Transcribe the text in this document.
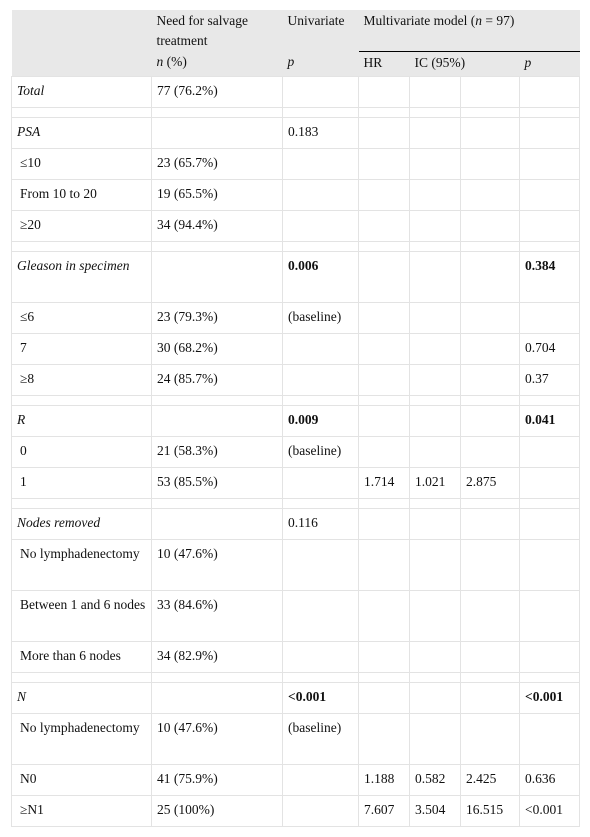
	Need for salvage treatment	Univariate	Multivariate model (n = 97)			
	n (%)	p	HR	IC (95%)		p
Total	77 (76.2%)					

PSA		0.183				
≤10	23 (65.7%)					
From 10 to 20	19 (65.5%)					
≥20	34 (94.4%)					

Gleason in specimen		0.006				0.384
≤6	23 (79.3%)	(baseline)				
7	30 (68.2%)					0.704
≥8	24 (85.7%)					0.37

R		0.009				0.041
0	21 (58.3%)	(baseline)				
1	53 (85.5%)		1.714	1.021	2.875	

Nodes removed		0.116				
No lymphadenectomy	10 (47.6%)					
Between 1 and 6 nodes	33 (84.6%)					
More than 6 nodes	34 (82.9%)					

N		<0.001				<0.001
No lymphadenectomy	10 (47.6%)	(baseline)				
N0	41 (75.9%)		1.188	0.582	2.425	0.636
≥N1	25 (100%)		7.607	3.504	16.515	<0.001
